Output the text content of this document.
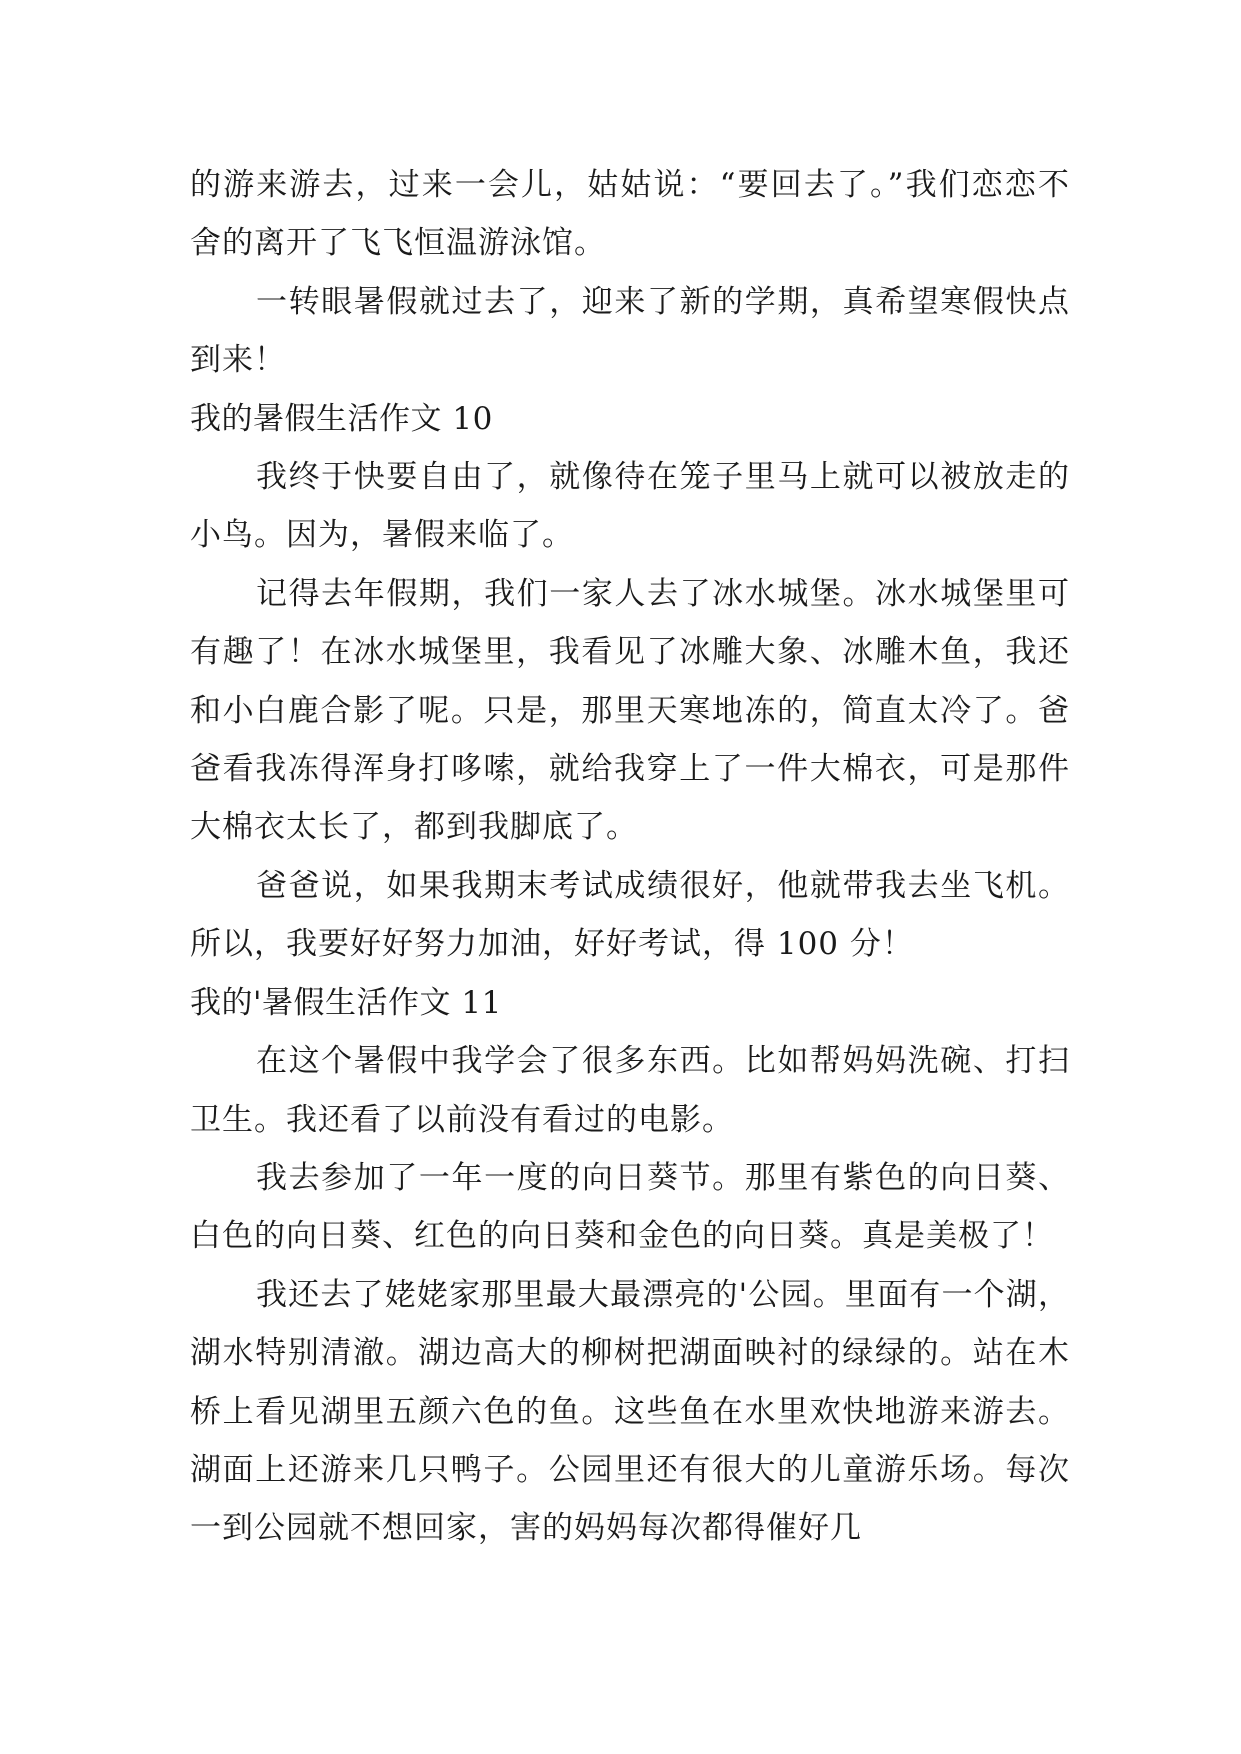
的游来游去，过来一会儿，姑姑说：“要回去了。”我们恋恋不舍的离开了飞飞恒温游泳馆。

一转眼暑假就过去了，迎来了新的学期，真希望寒假快点到来！

我的暑假生活作文 10

我终于快要自由了，就像待在笼子里马上就可以被放走的小鸟。因为，暑假来临了。

记得去年假期，我们一家人去了冰水城堡。冰水城堡里可有趣了！在冰水城堡里，我看见了冰雕大象、冰雕木鱼，我还和小白鹿合影了呢。只是，那里天寒地冻的，简直太冷了。爸爸看我冻得浑身打哆嗦，就给我穿上了一件大棉衣，可是那件大棉衣太长了，都到我脚底了。

爸爸说，如果我期末考试成绩很好，他就带我去坐飞机。所以，我要好好努力加油，好好考试，得 100 分！

我的'暑假生活作文 11

在这个暑假中我学会了很多东西。比如帮妈妈洗碗、打扫卫生。我还看了以前没有看过的电影。

我去参加了一年一度的向日葵节。那里有紫色的向日葵、白色的向日葵、红色的向日葵和金色的向日葵。真是美极了！

我还去了姥姥家那里最大最漂亮的'公园。里面有一个湖，湖水特别清澈。湖边高大的柳树把湖面映衬的绿绿的。站在木桥上看见湖里五颜六色的鱼。这些鱼在水里欢快地游来游去。湖面上还游来几只鸭子。公园里还有很大的儿童游乐场。每次一到公园就不想回家，害的妈妈每次都得催好几
